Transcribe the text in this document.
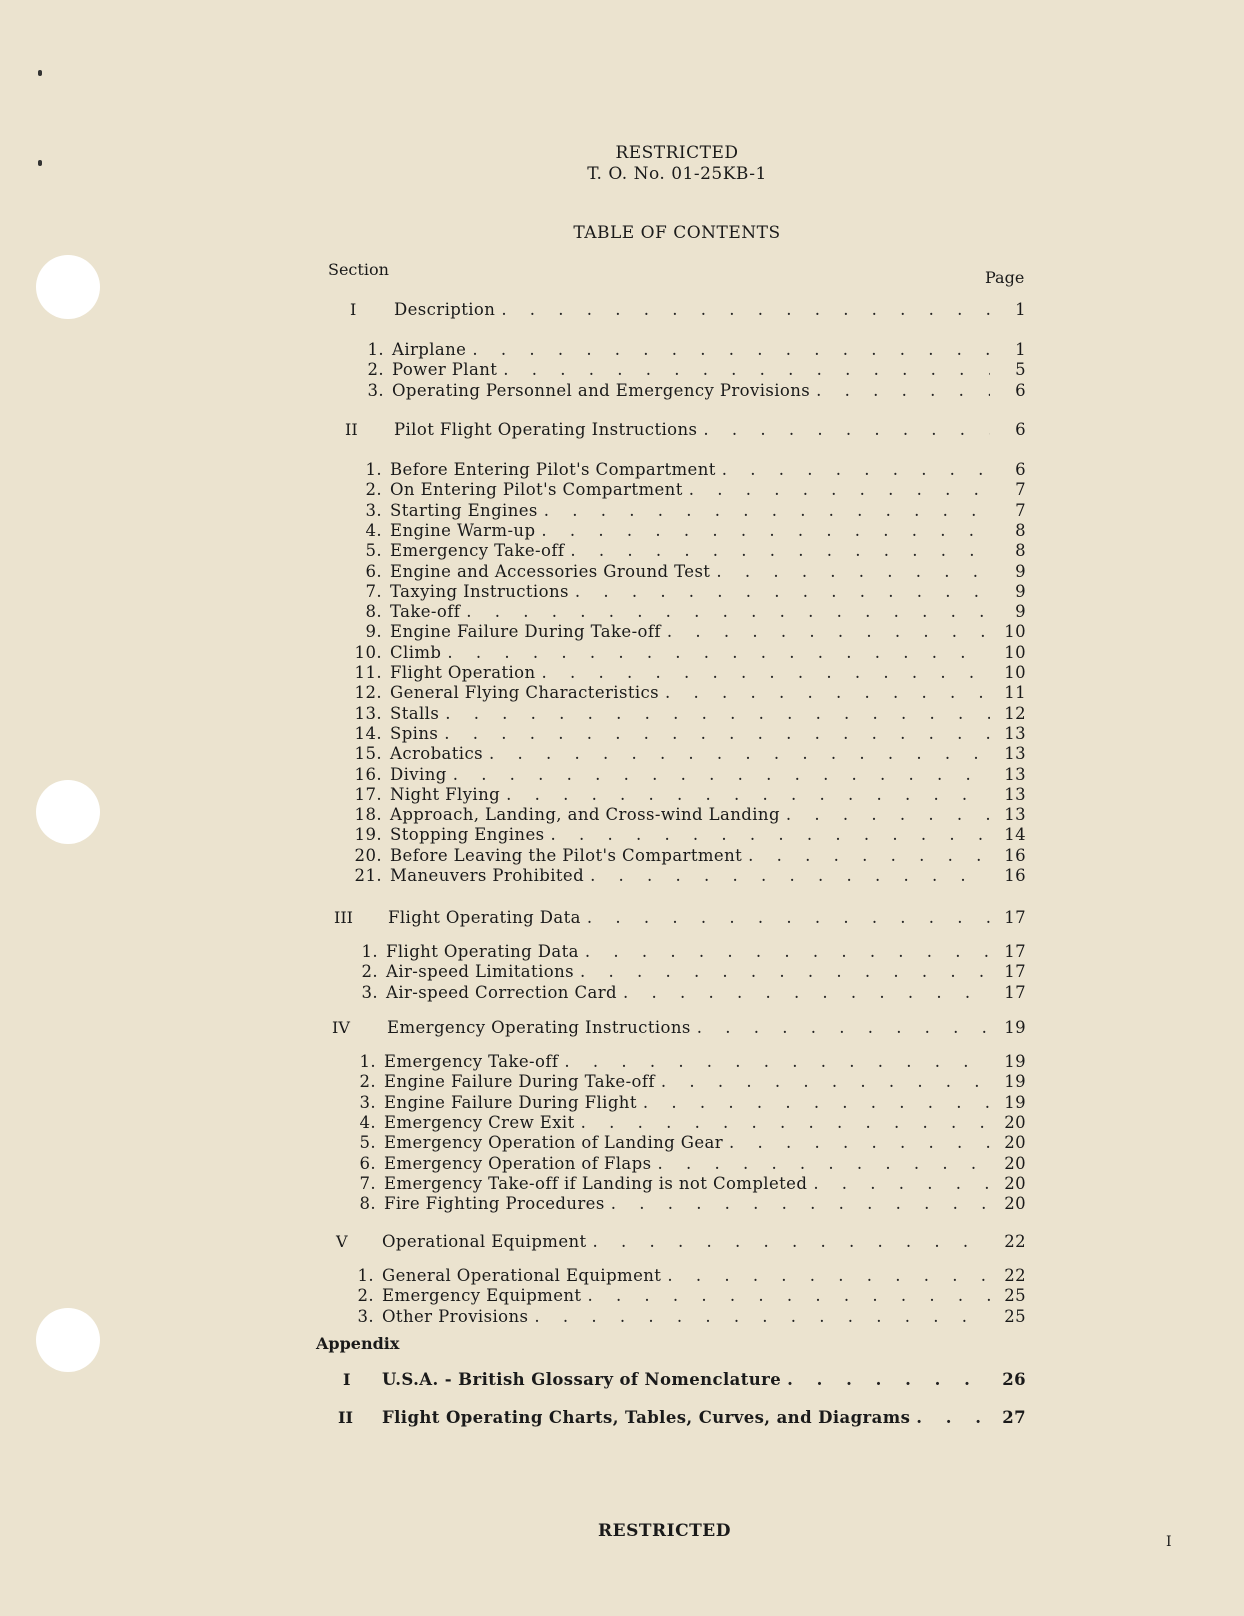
RESTRICTED
T. O. No. 01-25KB-1
TABLE OF CONTENTS
Section	Page
I Description . . .	1
1. Airplane . . .	1
2. Power Plant . . .	5
3. Operating Personnel and Emergency Provisions . . .	6
II Pilot Flight Operating Instructions . . .	6
1. Before Entering Pilot's Compartment . . .	6
2. On Entering Pilot's Compartment . . .	7
3. Starting Engines . . .	7
4. Engine Warm-up . . .	8
5. Emergency Take-off . . .	8
6. Engine and Accessories Ground Test . . .	9
7. Taxying Instructions . . .	9
8. Take-off . . .	9
9. Engine Failure During Take-off . . .	10
10. Climb . . .	10
11. Flight Operation . . .	10
12. General Flying Characteristics . . .	11
13. Stalls . . .	12
14. Spins . . .	13
15. Acrobatics . . .	13
16. Diving . . .	13
17. Night Flying . . .	13
18. Approach, Landing, and Cross-wind Landing . . .	13
19. Stopping Engines . . .	14
20. Before Leaving the Pilot's Compartment . . .	16
21. Maneuvers Prohibited . . .	16
III Flight Operating Data . . .	17
1. Flight Operating Data . . .	17
2. Air-speed Limitations . . .	17
3. Air-speed Correction Card . . .	17
IV Emergency Operating Instructions . . .	19
1. Emergency Take-off . . .	19
2. Engine Failure During Take-off . . .	19
3. Engine Failure During Flight . . .	19
4. Emergency Crew Exit . . .	20
5. Emergency Operation of Landing Gear . . .	20
6. Emergency Operation of Flaps . . .	20
7. Emergency Take-off if Landing is not Completed . . .	20
8. Fire Fighting Procedures . . .	20
V Operational Equipment . . .	22
1. General Operational Equipment . . .	22
2. Emergency Equipment . . .	25
3. Other Provisions . . .	25
Appendix
I U.S.A. - British Glossary of Nomenclature . . .	26
II Flight Operating Charts, Tables, Curves, and Diagrams . . .	27
RESTRICTED
I
